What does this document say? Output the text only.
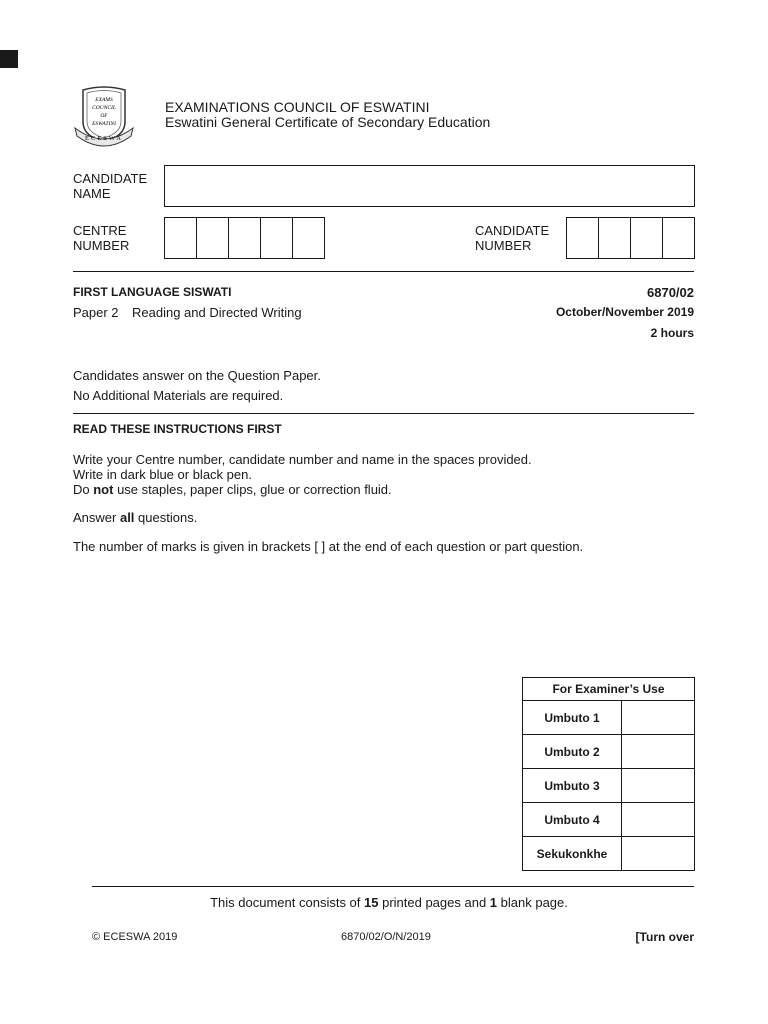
EXAMS
COUNCIL
OF
ESWATINI
ECESWA
EXAMINATIONS COUNCIL OF ESWATINI
Eswatini General Certificate of Secondary Education
CANDIDATE
NAME
CENTRE
NUMBER
CANDIDATE
NUMBER
FIRST LANGUAGE SISWATI	6870/02
Paper 2 Reading and Directed Writing	October/November 2019
2 hours
Candidates answer on the Question Paper.
No Additional Materials are required.
READ THESE INSTRUCTIONS FIRST
Write your Centre number, candidate number and name in the spaces provided.
Write in dark blue or black pen.
Do not use staples, paper clips, glue or correction fluid.
Answer all questions.
The number of marks is given in brackets [ ] at the end of each question or part question.
For Examiner’s Use	
Umbuto 1	
Umbuto 2	
Umbuto 3	
Umbuto 4	
Sekukonkhe	
This document consists of 15 printed pages and 1 blank page.
© ECESWA 2019	6870/02/O/N/2019	[Turn over
